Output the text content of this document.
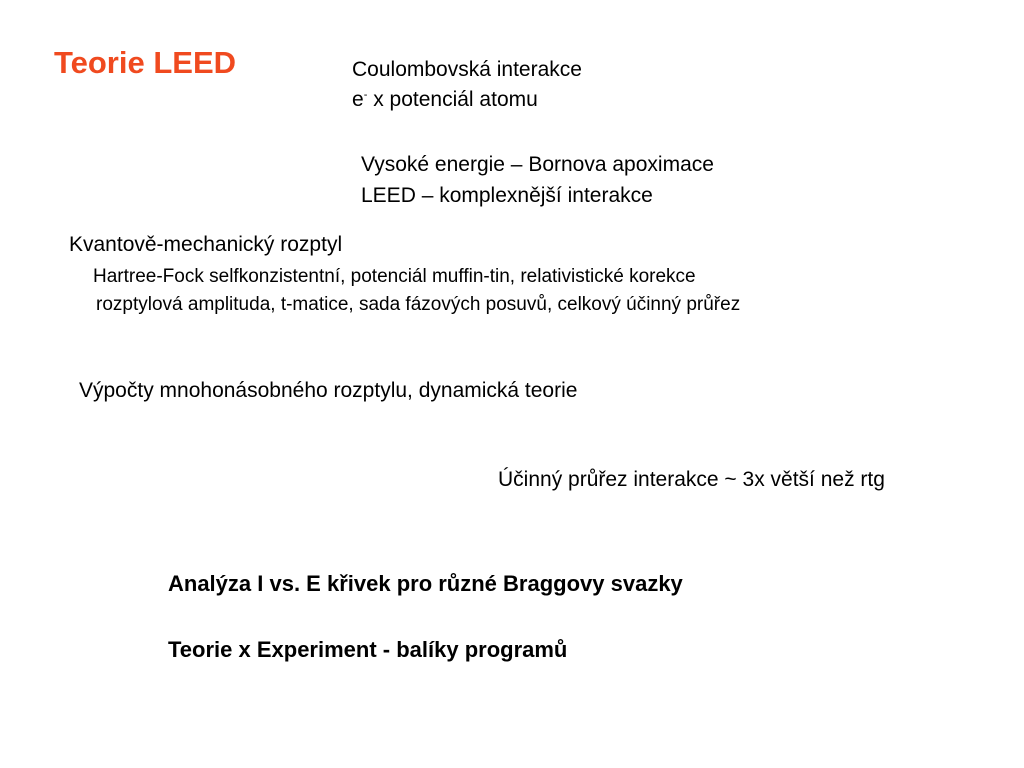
Teorie LEED	Coulombovská interakce
e- x potenciál atomu
Vysoké energie – Bornova apoximace
LEED – komplexnější interakce
Kvantově-mechanický rozptyl
Hartree-Fock selfkonzistentní, potenciál muffin-tin, relativistické korekce
rozptylová amplituda, t-matice, sada fázových posuvů, celkový účinný průřez
Výpočty mnohonásobného rozptylu, dynamická teorie
Účinný průřez interakce ~ 3x větší než rtg
Analýza I vs. E křivek pro různé Braggovy svazky
Teorie x Experiment - balíky programů
